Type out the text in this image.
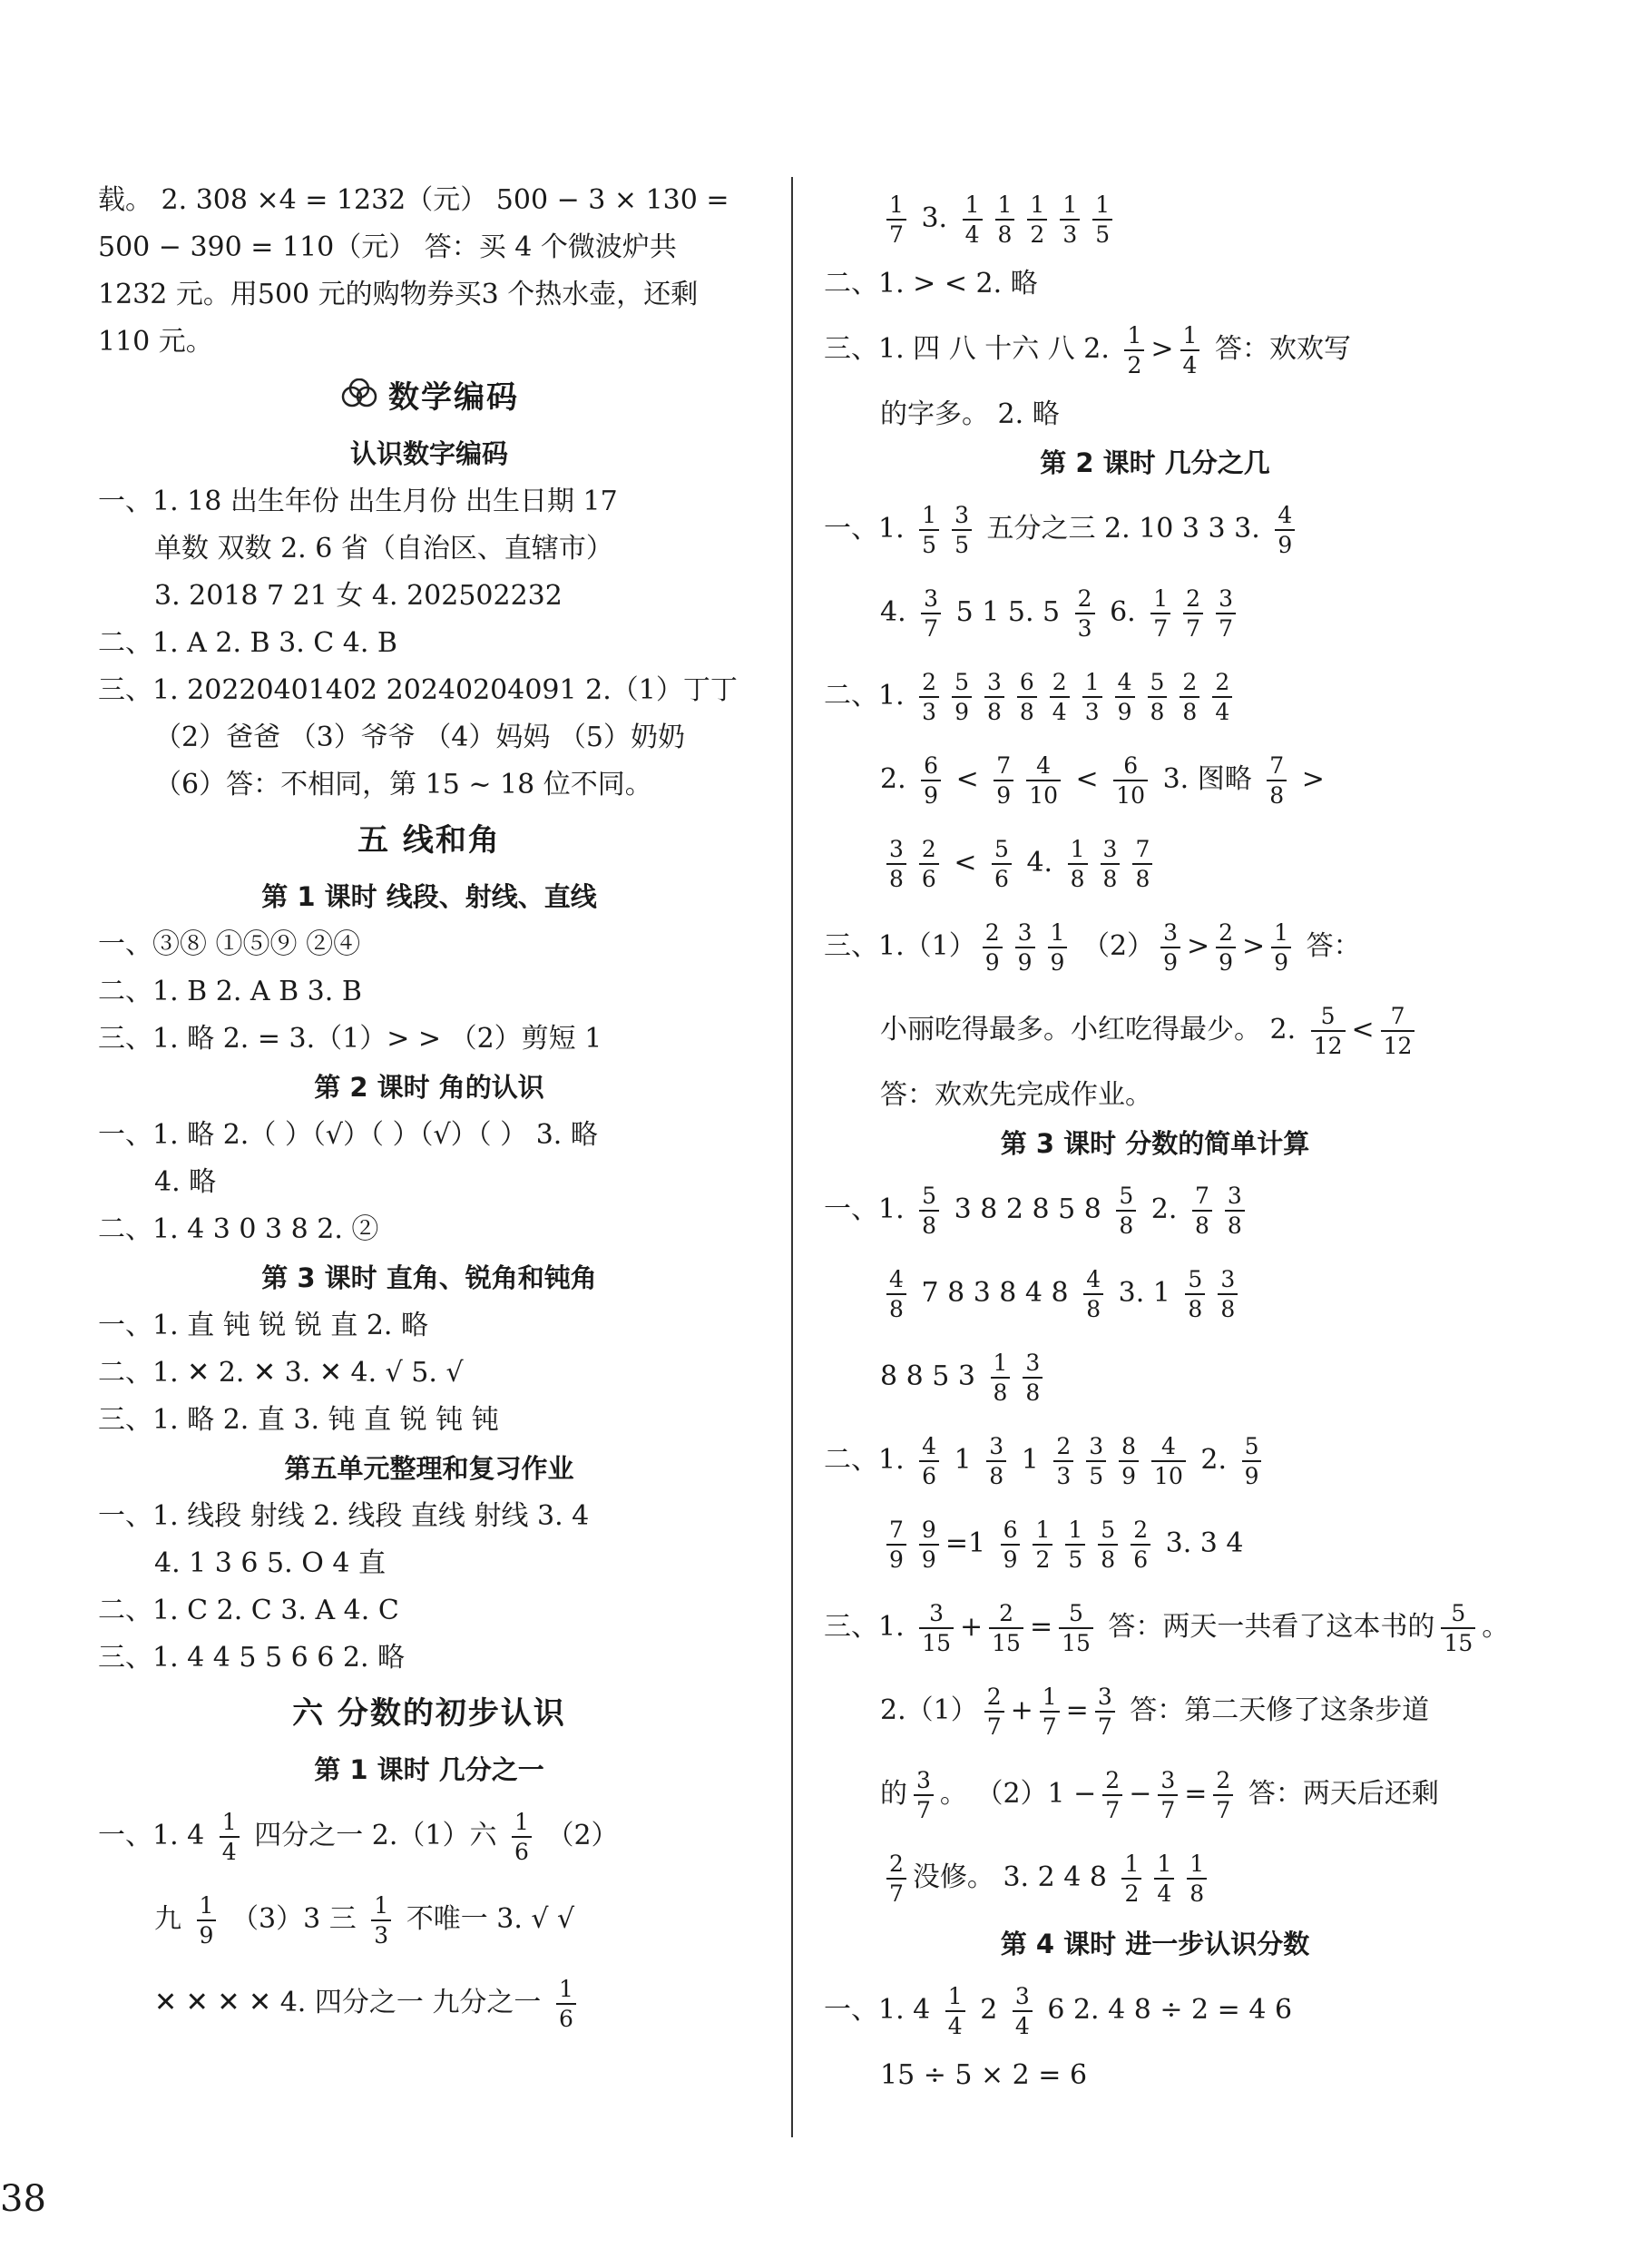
载。 2. 308 ×4 = 1232（元） 500 − 3 × 130 =
500 − 390 = 110（元） 答：买 4 个微波炉共
1232 元。用500 元的购物券买3 个热水壶，还剩
110 元。
数学编码
认识数字编码
一、1. 18 出生年份 出生月份 出生日期 17
单数 双数 2. 6 省（自治区、直辖市）
3. 2018 7 21 女 4. 202502232
二、1. A 2. B 3. C 4. B
三、1. 20220401402 20240204091 2.（1）丁丁
（2）爸爸 （3）爷爷 （4）妈妈 （5）奶奶
（6）答：不相同，第 15 ~ 18 位不同。
五 线和角
第 1 课时 线段、射线、直线
一、③⑧ ①⑤⑨ ②④
二、1. B 2. A B 3. B
三、1. 略 2. = 3.（1）> > （2）剪短 1
第 2 课时 角的认识
一、1. 略 2.（ ）（√）（ ）（√）（ ） 3. 略
4. 略
二、1. 4 3 0 3 8 2. ②
第 3 课时 直角、锐角和钝角
一、1. 直 钝 锐 锐 直 2. 略
二、1. ✕ 2. ✕ 3. ✕ 4. √ 5. √
三、1. 略 2. 直 3. 钝 直 锐 钝 钝
第五单元整理和复习作业
一、1. 线段 射线 2. 线段 直线 射线 3. 4
4. 1 3 6 5. O 4 直
二、1. C 2. C 3. A 4. C
三、1. 4 4 5 5 6 6 2. 略
六 分数的初步认识
第 1 课时 几分之一
一、1. $4 \frac{1}{4}$ 四分之一 2.（1）六 $\frac{1}{6} (2)$
九 $\frac{1}{9} (3)3$ 三 $\frac{1}{3}$ 不唯一 3. √ √
✕ ✕ ✕ ✕ 4. 四分之一 九分之一 $\frac{1}{6}$
$\frac{1}{7} 3$. $\frac{1}{4} \frac{1}{8} \frac{1}{2} \frac{1}{3} \frac{1}{5}$
二、1. > < 2. 略
三、1. 四 八 十六 八 2. $\frac{1}{2} > \frac{1}{4}$ 答：欢欢写
的字多。 2. 略
第 2 课时 几分之几
一、1. $\frac{1}{5} \frac{3}{5}$ 五分之三 2. 10 3 3 3. $\frac{4}{9}$
4. $\frac{3}{7} 5$ 1 5. $5 \frac{2}{3} 6$. $\frac{1}{7} \frac{2}{7} \frac{3}{7}$
二、1. $\frac{2}{3} \frac{5}{9} \frac{3}{8} \frac{6}{8} \frac{2}{4} \frac{1}{3} \frac{4}{9} \frac{5}{8} \frac{2}{8} \frac{2}{4}$
2. $\frac{6}{9} < \frac{7}{9} \frac{4}{10} < \frac{6}{10} 3$. 图略 $\frac{7}{8}$ >
$\frac{3}{8} \frac{2}{6} < \frac{5}{6} 4$. $\frac{1}{8} \frac{3}{8} \frac{7}{8}$
三、$1.(1) \frac{2}{9} \frac{3}{9} \frac{1}{9} (2) \frac{3}{9} > \frac{2}{9} > \frac{1}{9}$ 答：
小丽吃得最多。小红吃得最少。 2. $\frac{5}{12} < \frac{7}{12}$
答：欢欢先完成作业。
第 3 课时 分数的简单计算
一、1. $\frac{5}{8} 3$ 8 2 8 5 $8 \frac{5}{8} 2$. $\frac{7}{8} \frac{3}{8}$
$\frac{4}{8} 7$ 8 3 8 4 $8 \frac{4}{8} 3$. $1 \frac{5}{8} \frac{3}{8}$
8 8 5 $3 \frac{1}{8} \frac{3}{8}$
二、1. $\frac{4}{6} 1 \frac{3}{8} 1 \frac{2}{3} \frac{3}{5} \frac{8}{9} \frac{4}{10} 2$. $\frac{5}{9}$
$\frac{7}{9} \frac{9}{9} =1 \frac{6}{9} \frac{1}{2} \frac{1}{5} \frac{5}{8} \frac{2}{6} 3$. 3 4
三、1. $\frac{3}{15} + \frac{2}{15} = \frac{5}{15}$ 答：两天一共看了这本书的 $\frac{5}{15}$ 。
$2.(1) \frac{2}{7} + \frac{1}{7} = \frac{3}{7}$ 答：第二天修了这条步道
的 $\frac{3}{7}$ 。 $(2)1 - \frac{2}{7} - \frac{3}{7} = \frac{2}{7}$ 答：两天后还剩
$\frac{2}{7}$ 没修。 3. 2 4 $8 \frac{1}{2} \frac{1}{4} \frac{1}{8}$
第 4 课时 进一步认识分数
一、1. $4 \frac{1}{4} 2 \frac{3}{4} 6$ 2. 4 8 ÷ 2 = 4 6
15 ÷ 5 × 2 = 6
38
